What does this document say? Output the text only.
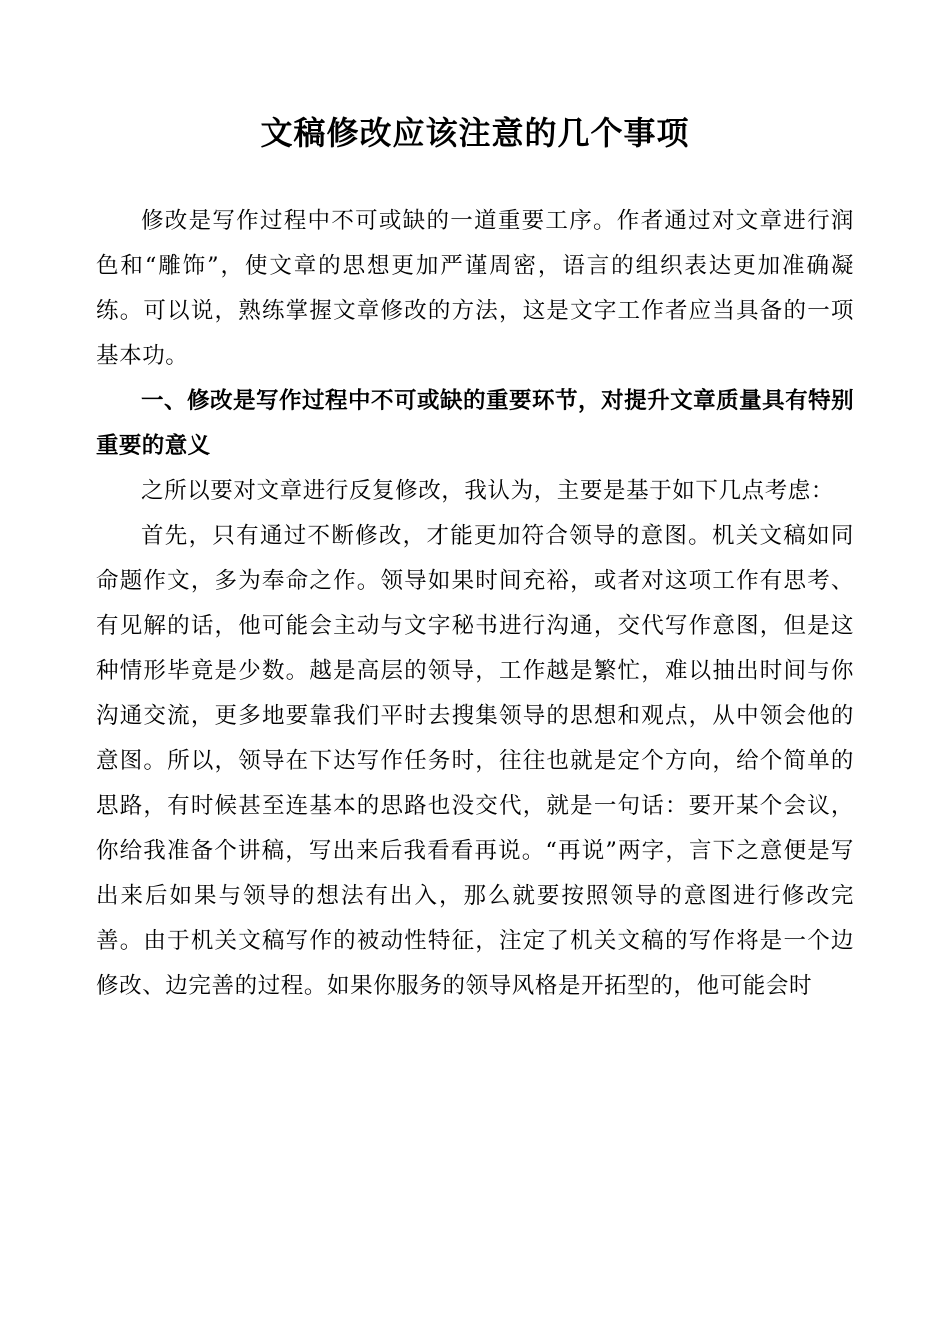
文稿修改应该注意的几个事项

修改是写作过程中不可或缺的一道重要工序。作者通过对文章进行润色和“雕饰”，使文章的思想更加严谨周密，语言的组织表达更加准确凝练。可以说，熟练掌握文章修改的方法，这是文字工作者应当具备的一项基本功。

一、修改是写作过程中不可或缺的重要环节，对提升文章质量具有特别重要的意义

之所以要对文章进行反复修改，我认为，主要是基于如下几点考虑：

首先，只有通过不断修改，才能更加符合领导的意图。机关文稿如同命题作文，多为奉命之作。领导如果时间充裕，或者对这项工作有思考、有见解的话，他可能会主动与文字秘书进行沟通，交代写作意图，但是这种情形毕竟是少数。越是高层的领导，工作越是繁忙，难以抽出时间与你沟通交流，更多地要靠我们平时去搜集领导的思想和观点，从中领会他的意图。所以，领导在下达写作任务时，往往也就是定个方向，给个简单的思路，有时候甚至连基本的思路也没交代，就是一句话：要开某个会议，你给我准备个讲稿，写出来后我看看再说。“再说”两字，言下之意便是写出来后如果与领导的想法有出入，那么就要按照领导的意图进行修改完善。由于机关文稿写作的被动性特征，注定了机关文稿的写作将是一个边修改、边完善的过程。如果你服务的领导风格是开拓型的，他可能会时
